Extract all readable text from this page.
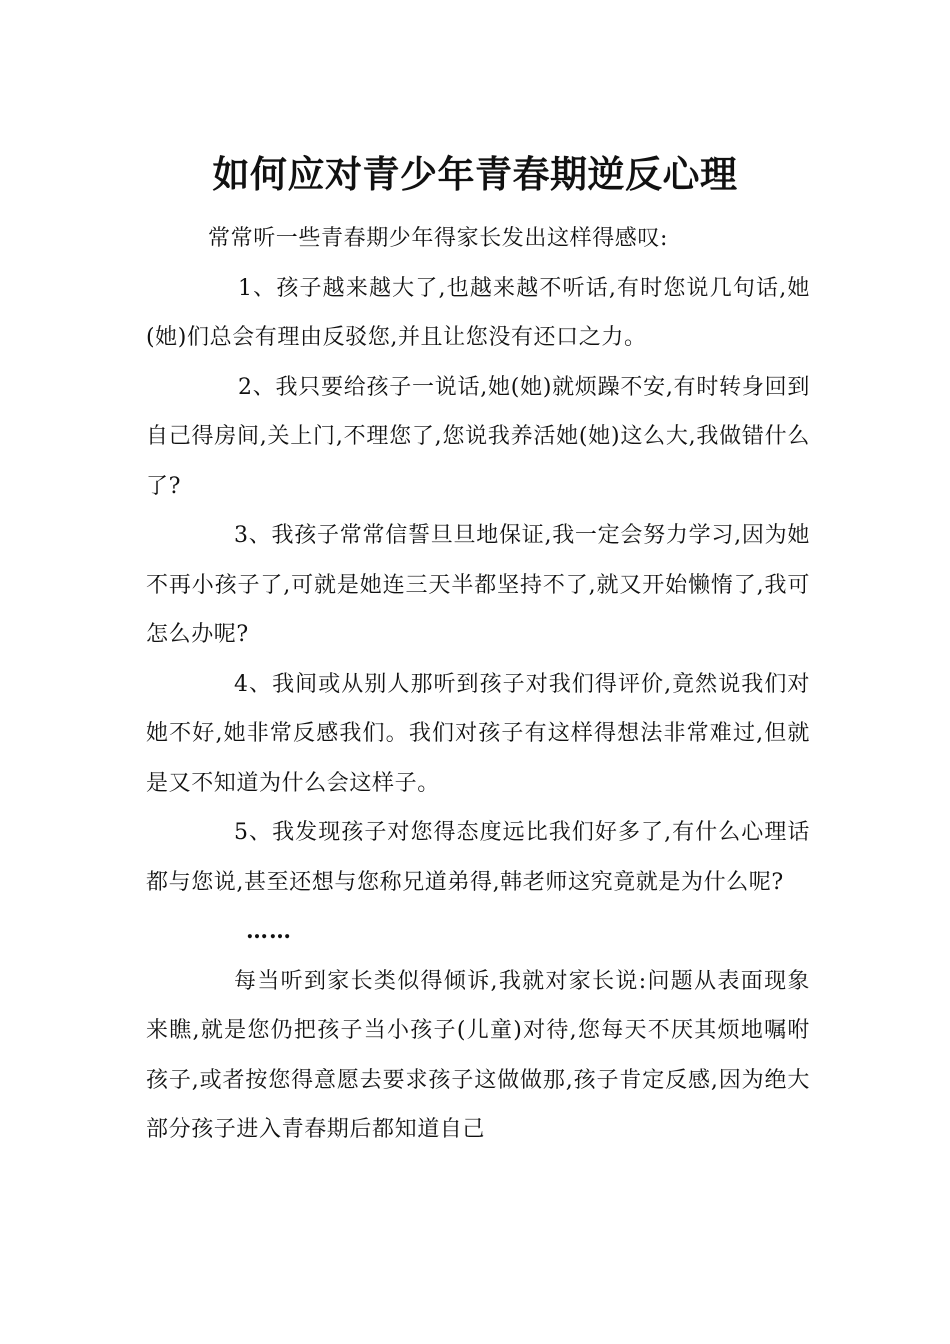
如何应对青少年青春期逆反心理

常常听一些青春期少年得家长发出这样得感叹:

1、孩子越来越大了,也越来越不听话,有时您说几句话,她(她)们总会有理由反驳您,并且让您没有还口之力。

2、我只要给孩子一说话,她(她)就烦躁不安,有时转身回到自己得房间,关上门,不理您了,您说我养活她(她)这么大,我做错什么了?

3、我孩子常常信誓旦旦地保证,我一定会努力学习,因为她不再小孩子了,可就是她连三天半都坚持不了,就又开始懒惰了,我可怎么办呢?

4、我间或从别人那听到孩子对我们得评价,竟然说我们对她不好,她非常反感我们。我们对孩子有这样得想法非常难过,但就是又不知道为什么会这样子。

5、我发现孩子对您得态度远比我们好多了,有什么心理话都与您说,甚至还想与您称兄道弟得,韩老师这究竟就是为什么呢?

……

每当听到家长类似得倾诉,我就对家长说:问题从表面现象来瞧,就是您仍把孩子当小孩子(儿童)对待,您每天不厌其烦地嘱咐孩子,或者按您得意愿去要求孩子这做做那,孩子肯定反感,因为绝大部分孩子进入青春期后都知道自己
